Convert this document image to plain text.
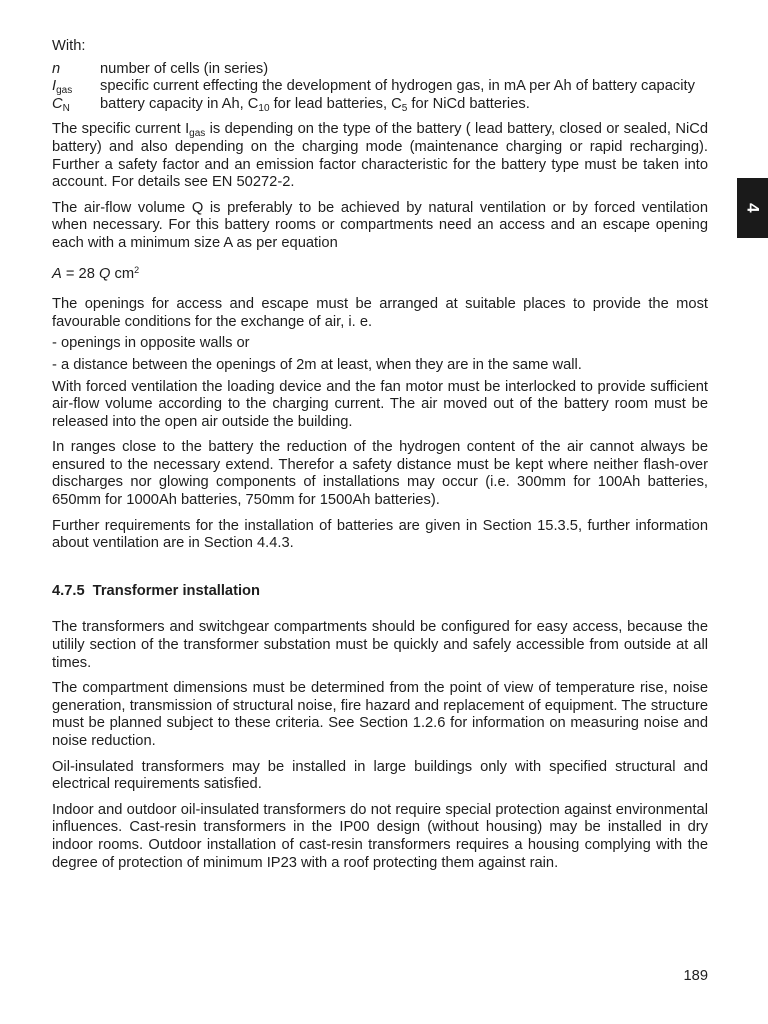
With:

n	number of cells (in series)
$I_{gas}$	specific current effecting the development of hydrogen gas, in mA per Ah of battery capacity
$C_N$	battery capacity in Ah, $C_{10}$ for lead batteries, $C_5$ for NiCd batteries.

The specific current $I_{gas}$ is depending on the type of the battery ( lead battery, closed or sealed, NiCd battery) and also depending on the charging mode (maintenance charging or rapid recharging). Further a safety factor and an emission factor characteristic for the battery type must be taken into account. For details see EN 50272-2.

The air-flow volume Q is preferably to be achieved by natural ventilation or by forced ventilation when necessary. For this battery rooms or compartments need an access and an escape opening each with a minimum size A as per equation

A = 28 Q $cm^2$

The openings for access and escape must be arranged at suitable places to provide the most favourable conditions for the exchange of air, i. e.

- openings in opposite walls or

- a distance between the openings of 2m at least, when they are in the same wall.

With forced ventilation the loading device and the fan motor must be interlocked to provide sufficient air-flow volume according to the charging current. The air moved out of the battery room must be released into the open air outside the building.

In ranges close to the battery the reduction of the hydrogen content of the air cannot always be ensured to the necessary extend. Therefor a safety distance must be kept where neither flash-over discharges nor glowing components of installations may occur (i.e. 300mm for 100Ah batteries, 650mm for 1000Ah batteries, 750mm for 1500Ah batteries).

Further requirements for the installation of batteries are given in Section 15.3.5, further information about ventilation are in Section 4.4.3.

4.7.5 Transformer installation

The transformers and switchgear compartments should be configured for easy access, because the utilily section of the transformer substation must be quickly and safely accessible from outside at all times.

The compartment dimensions must be determined from the point of view of temperature rise, noise generation, transmission of structural noise, fire hazard and replacement of equipment. The structure must be planned subject to these criteria. See Section 1.2.6 for information on measuring noise and noise reduction.

Oil-insulated transformers may be installed in large buildings only with specified structural and electrical requirements satisfied.

Indoor and outdoor oil-insulated transformers do not require special protection against environmental influences. Cast-resin transformers in the IP00 design (without housing) may be installed in dry indoor rooms. Outdoor installation of cast-resin transformers requires a housing complying with the degree of protection of minimum IP23 with a roof protecting them against rain.

189
4
